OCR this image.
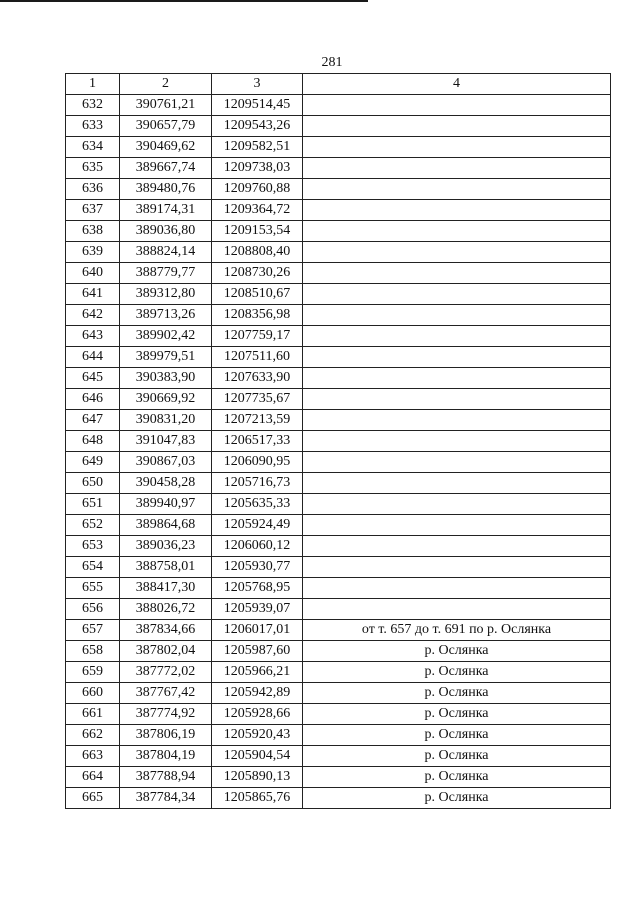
281
1	2	3	4
632	390761,21	1209514,45	
633	390657,79	1209543,26	
634	390469,62	1209582,51	
635	389667,74	1209738,03	
636	389480,76	1209760,88	
637	389174,31	1209364,72	
638	389036,80	1209153,54	
639	388824,14	1208808,40	
640	388779,77	1208730,26	
641	389312,80	1208510,67	
642	389713,26	1208356,98	
643	389902,42	1207759,17	
644	389979,51	1207511,60	
645	390383,90	1207633,90	
646	390669,92	1207735,67	
647	390831,20	1207213,59	
648	391047,83	1206517,33	
649	390867,03	1206090,95	
650	390458,28	1205716,73	
651	389940,97	1205635,33	
652	389864,68	1205924,49	
653	389036,23	1206060,12	
654	388758,01	1205930,77	
655	388417,30	1205768,95	
656	388026,72	1205939,07	
657	387834,66	1206017,01	от т. 657 до т. 691 по р. Ослянка
658	387802,04	1205987,60	р. Ослянка
659	387772,02	1205966,21	р. Ослянка
660	387767,42	1205942,89	р. Ослянка
661	387774,92	1205928,66	р. Ослянка
662	387806,19	1205920,43	р. Ослянка
663	387804,19	1205904,54	р. Ослянка
664	387788,94	1205890,13	р. Ослянка
665	387784,34	1205865,76	р. Ослянка
